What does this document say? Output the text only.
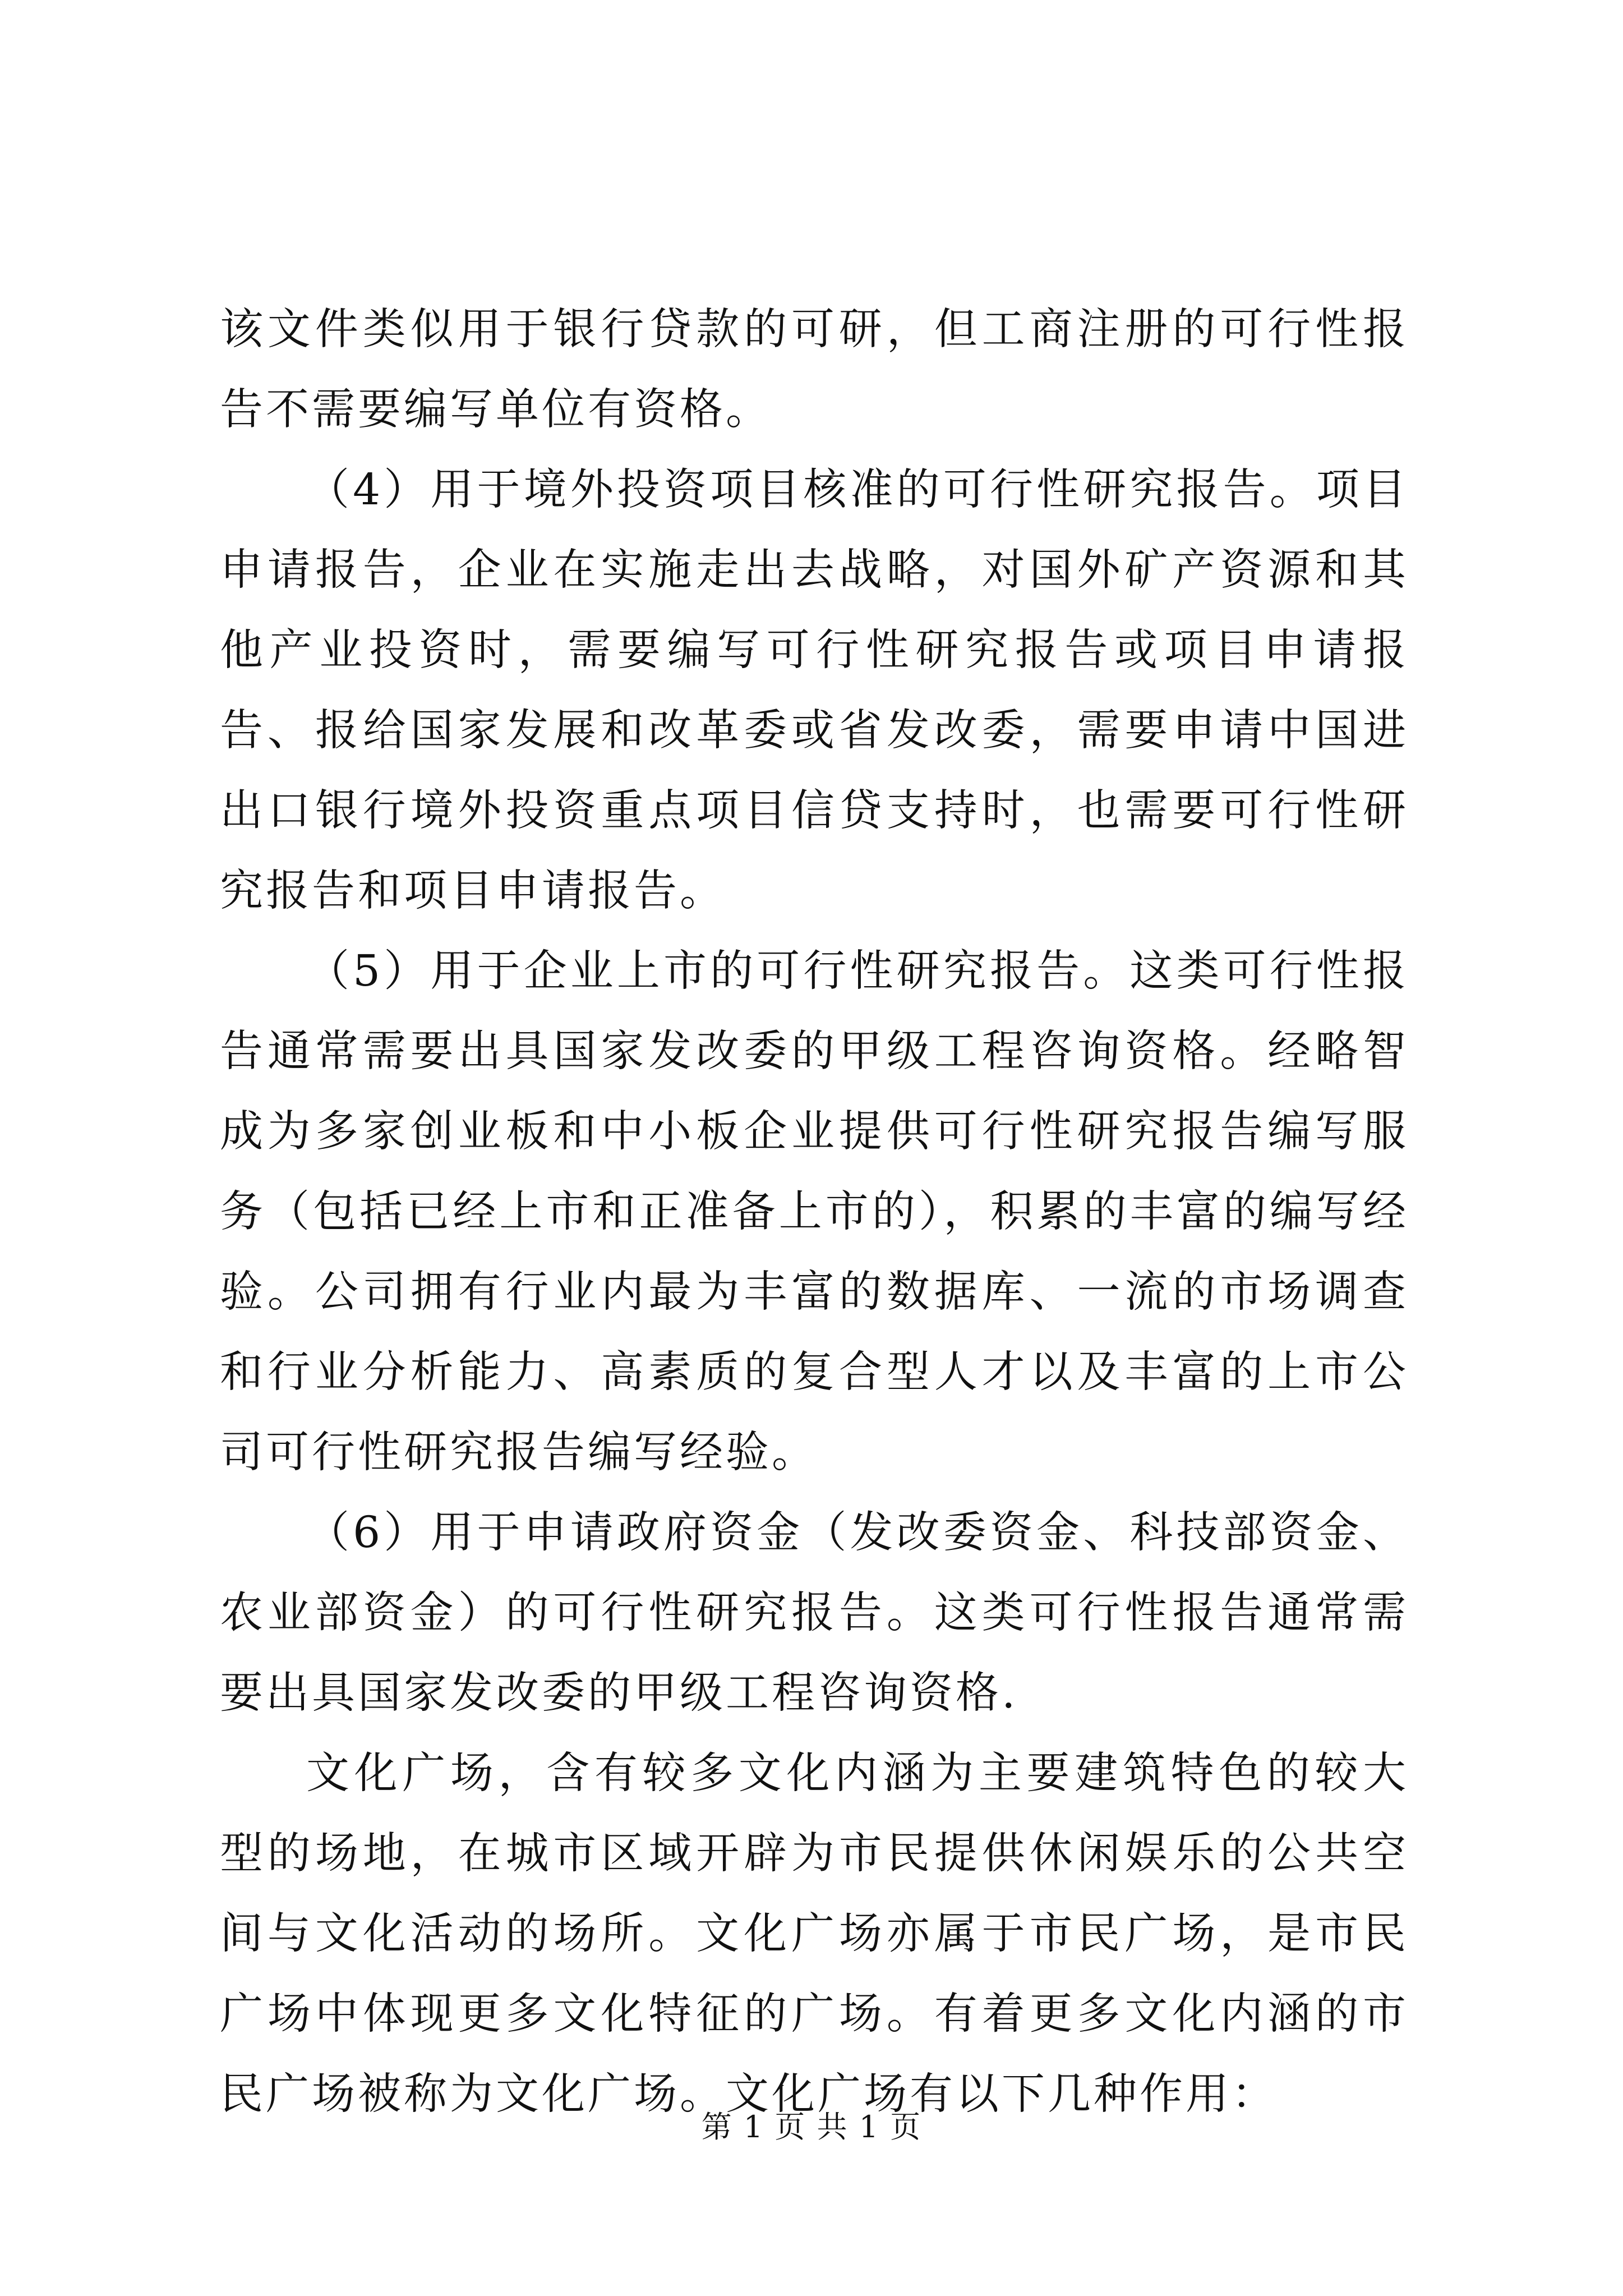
该文件类似用于银行贷款的可研，但工商注册的可行性报告不需要编写单位有资格。

（4）用于境外投资项目核准的可行性研究报告。项目申请报告，企业在实施走出去战略，对国外矿产资源和其他产业投资时，需要编写可行性研究报告或项目申请报告、报给国家发展和改革委或省发改委，需要申请中国进出口银行境外投资重点项目信贷支持时，也需要可行性研究报告和项目申请报告。

（5）用于企业上市的可行性研究报告。这类可行性报告通常需要出具国家发改委的甲级工程咨询资格。经略智成为多家创业板和中小板企业提供可行性研究报告编写服务（包括已经上市和正准备上市的），积累的丰富的编写经验。公司拥有行业内最为丰富的数据库、一流的市场调查和行业分析能力、高素质的复合型人才以及丰富的上市公司可行性研究报告编写经验。

（6）用于申请政府资金（发改委资金、科技部资金、农业部资金）的可行性研究报告。这类可行性报告通常需要出具国家发改委的甲级工程咨询资格.

文化广场，含有较多文化内涵为主要建筑特色的较大型的场地，在城市区域开辟为市民提供休闲娱乐的公共空间与文化活动的场所。文化广场亦属于市民广场，是市民广场中体现更多文化特征的广场。有着更多文化内涵的市民广场被称为文化广场。文化广场有以下几种作用：

第 1 页 共 1 页
